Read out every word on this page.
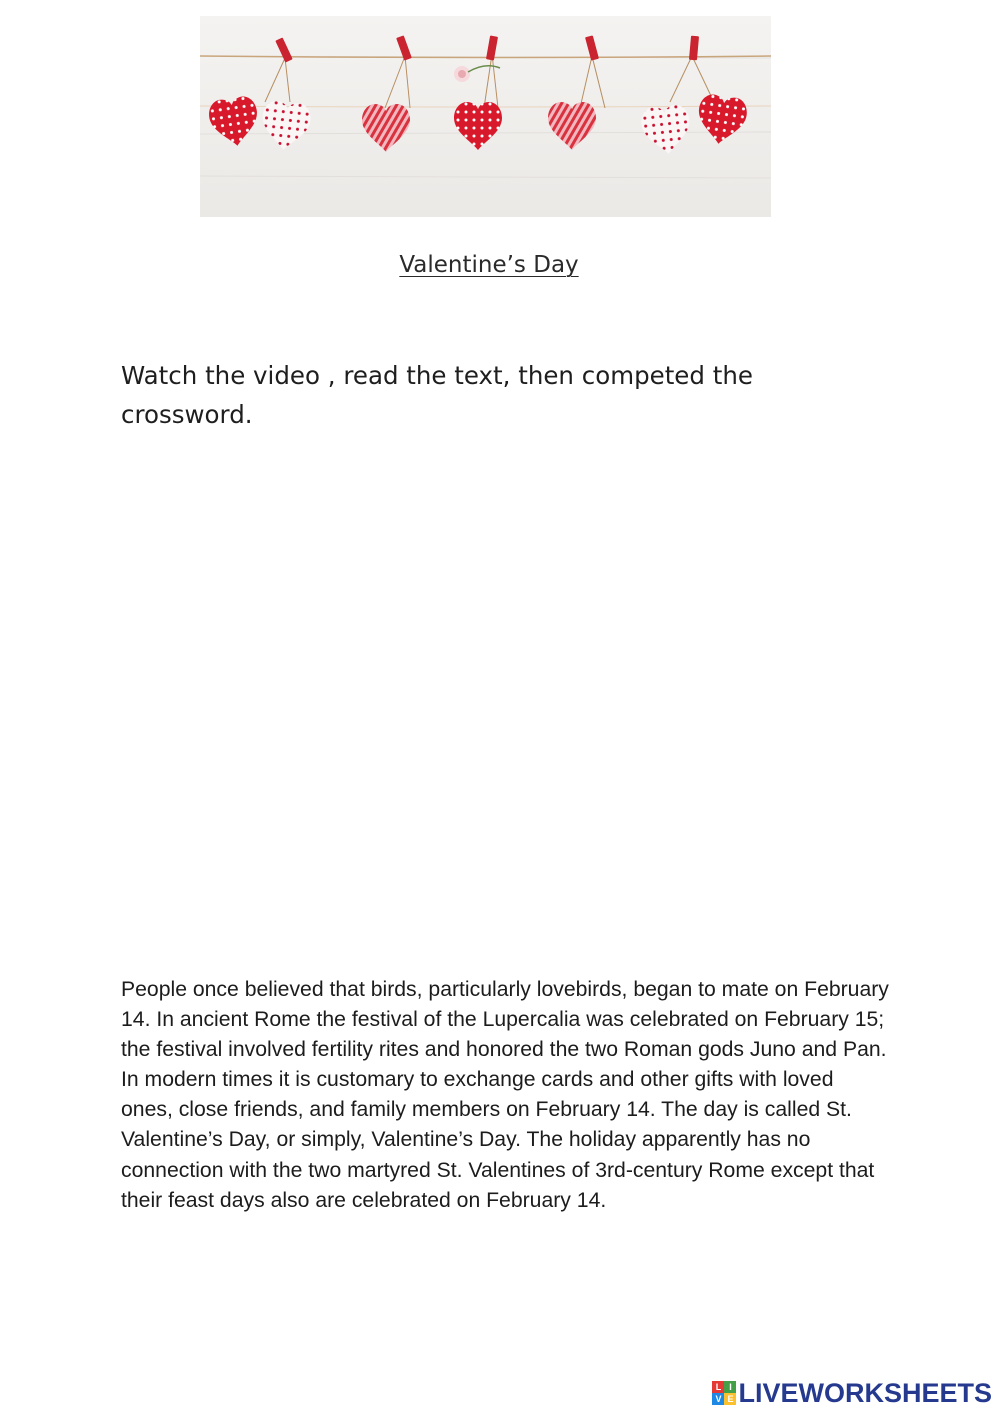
Valentine’s Day

Watch the video , read the text, then competed the crossword.

People once believed that birds, particularly lovebirds, began to mate on February 14. In ancient Rome the festival of the Lupercalia was celebrated on February 15; the festival involved fertility rites and honored the two Roman gods Juno and Pan. In modern times it is customary to exchange cards and other gifts with loved ones, close friends, and family members on February 14. The day is called St. Valentine’s Day, or simply, Valentine’s Day. The holiday apparently has no connection with the two martyred St. Valentines of 3rd-century Rome except that their feast days also are celebrated on February 14.

L I
V E LIVEWORKSHEETS
